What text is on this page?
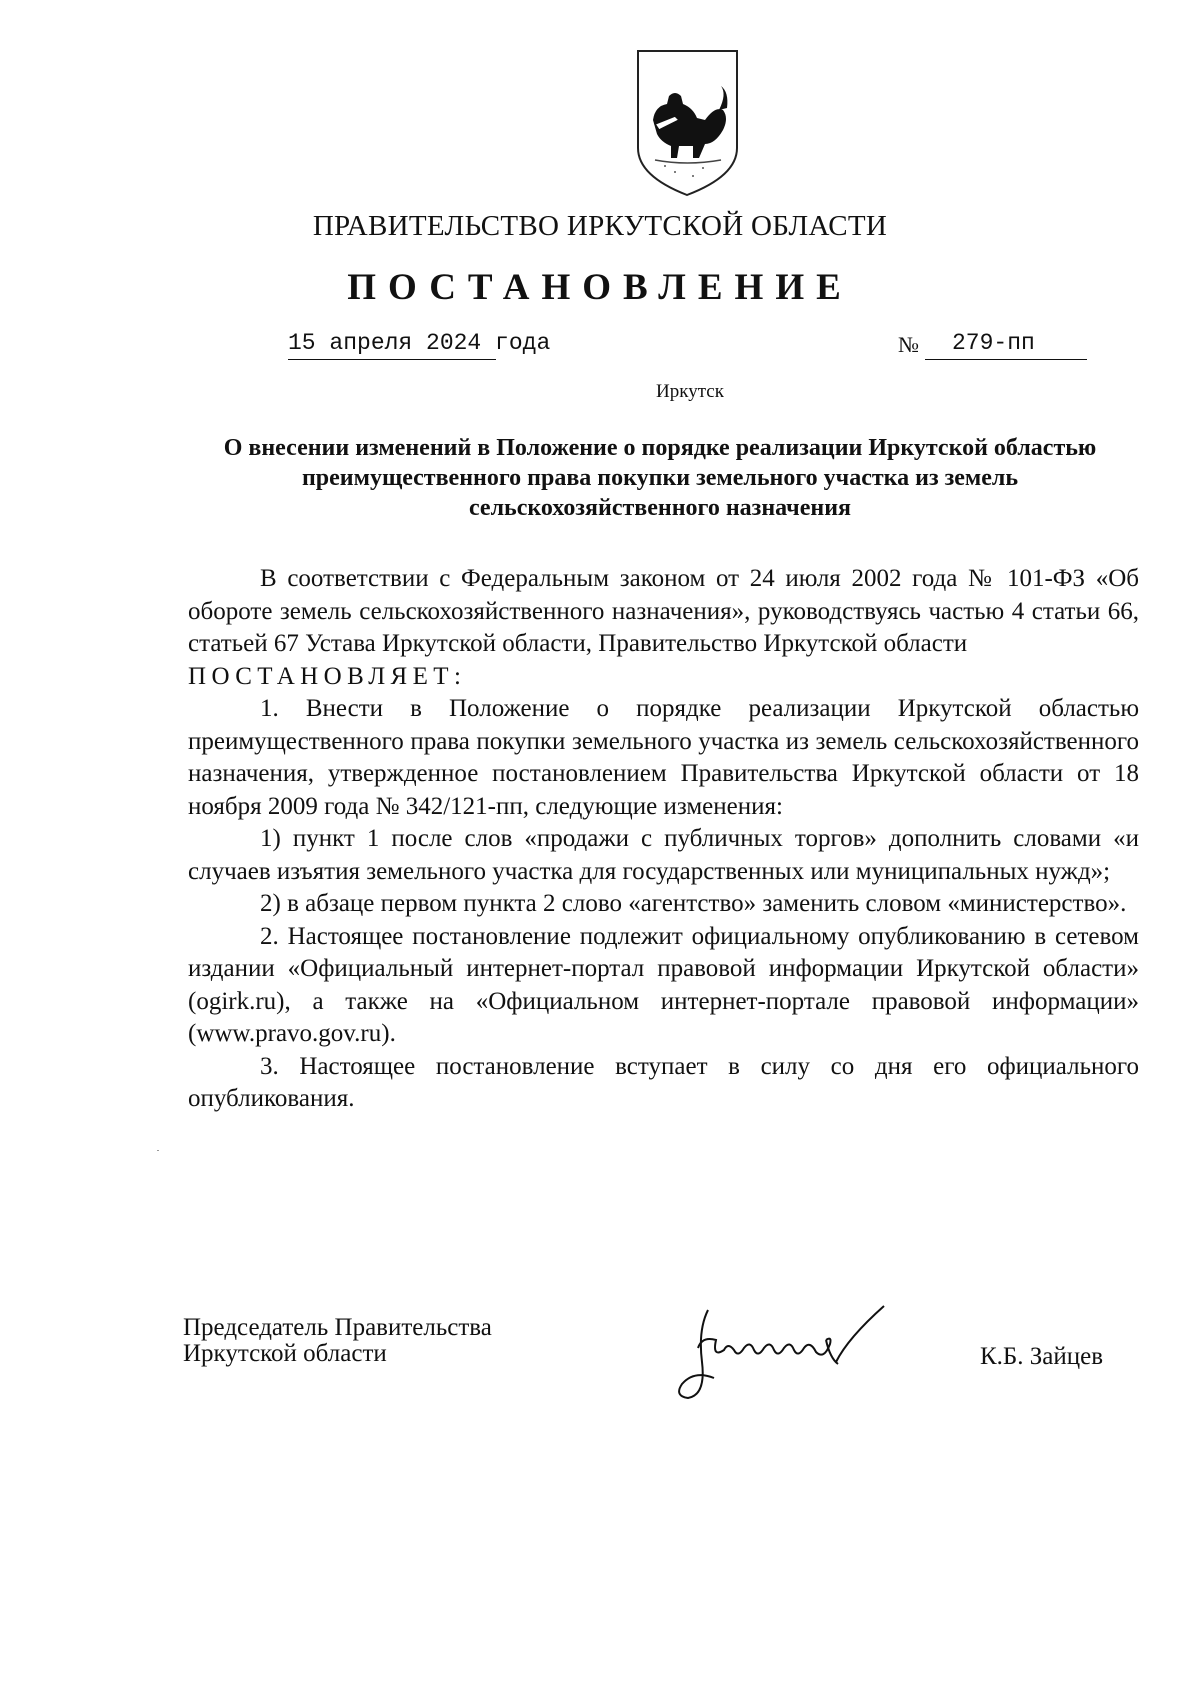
ПРАВИТЕЛЬСТВО ИРКУТСКОЙ ОБЛАСТИ
ПОСТАНОВЛЕНИЕ
15 апреля 2024 года	№ 279-пп
Иркутск
О внесении изменений в Положение о порядке реализации Иркутской областью преимущественного права покупки земельного участка из земель сельскохозяйственного назначения

В соответствии с Федеральным законом от 24 июля 2002 года № 101-ФЗ «Об обороте земель сельскохозяйственного назначения», руководствуясь частью 4 статьи 66, статьей 67 Устава Иркутской области, Правительство Иркутской области

ПОСТАНОВЛЯЕТ:

1. Внести в Положение о порядке реализации Иркутской областью преимущественного права покупки земельного участка из земель сельскохозяйственного назначения, утвержденное постановлением Правительства Иркутской области от 18 ноября 2009 года № 342/121-пп, следующие изменения:

1) пункт 1 после слов «продажи с публичных торгов» дополнить словами «и случаев изъятия земельного участка для государственных или муниципальных нужд»;

2) в абзаце первом пункта 2 слово «агентство» заменить словом «министерство».

2. Настоящее постановление подлежит официальному опубликованию в сетевом издании «Официальный интернет-портал правовой информации Иркутской области» (ogirk.ru), а также на «Официальном интернет-портале правовой информации» (www.pravo.gov.ru).

3. Настоящее постановление вступает в силу со дня его официального опубликования.

Председатель Правительства
Иркутской области	К.Б. Зайцев
